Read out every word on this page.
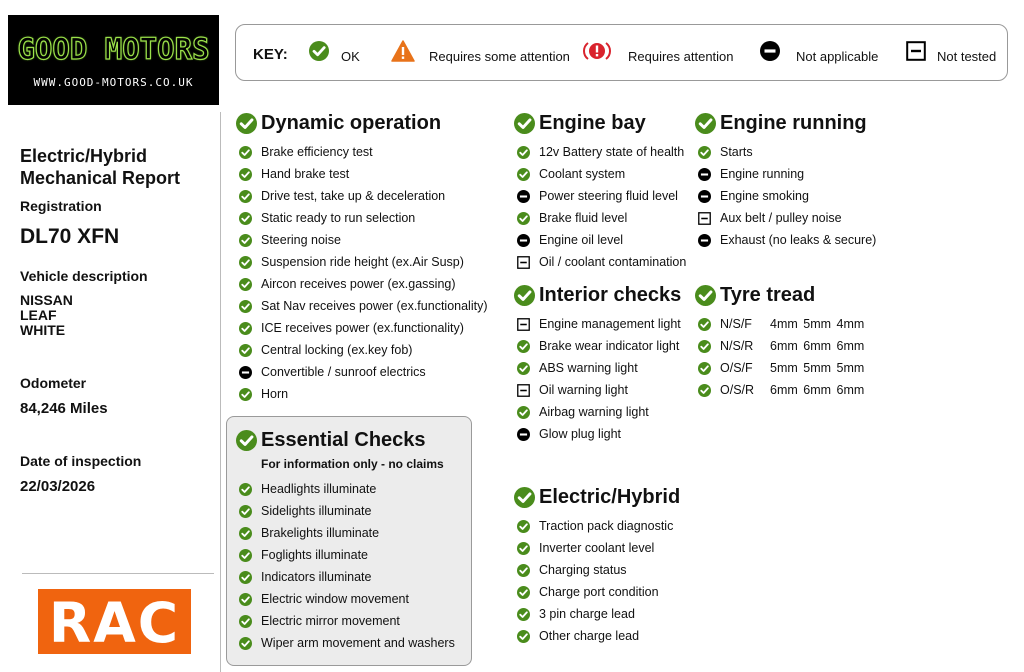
GOOD MOTORS
WWW.GOOD-MOTORS.CO.UK
KEY:	OK	Requires some attention	Requires attention	Not applicable	Not tested
Electric/Hybrid
Mechanical Report
Registration
DL70 XFN
Vehicle description
NISSAN
LEAF
WHITE
Odometer
84,246 Miles
Date of inspection
22/03/2026
RAC
Dynamic operation
Brake efficiency test
Hand brake test
Drive test, take up & deceleration
Static ready to run selection
Steering noise
Suspension ride height (ex.Air Susp)
Aircon receives power (ex.gassing)
Sat Nav receives power (ex.functionality)
ICE receives power (ex.functionality)
Central locking (ex.key fob)
Convertible / sunroof electrics
Horn
Essential Checks
For information only - no claims
Headlights illuminate
Sidelights illuminate
Brakelights illuminate
Foglights illuminate
Indicators illuminate
Electric window movement
Electric mirror movement
Wiper arm movement and washers
Engine bay
12v Battery state of health
Coolant system
Power steering fluid level
Brake fluid level
Engine oil level
Oil / coolant contamination
Interior checks
Engine management light
Brake wear indicator light
ABS warning light
Oil warning light
Airbag warning light
Glow plug light
Electric/Hybrid
Traction pack diagnostic
Inverter coolant level
Charging status
Charge port condition
3 pin charge lead
Other charge lead
Engine running
Starts
Engine running
Engine smoking
Aux belt / pulley noise
Exhaust (no leaks & secure)
Tyre tread
N/S/F	4mm 5mm 4mm
N/S/R	6mm 6mm 6mm
O/S/F	5mm 5mm 5mm
O/S/R	6mm 6mm 6mm
